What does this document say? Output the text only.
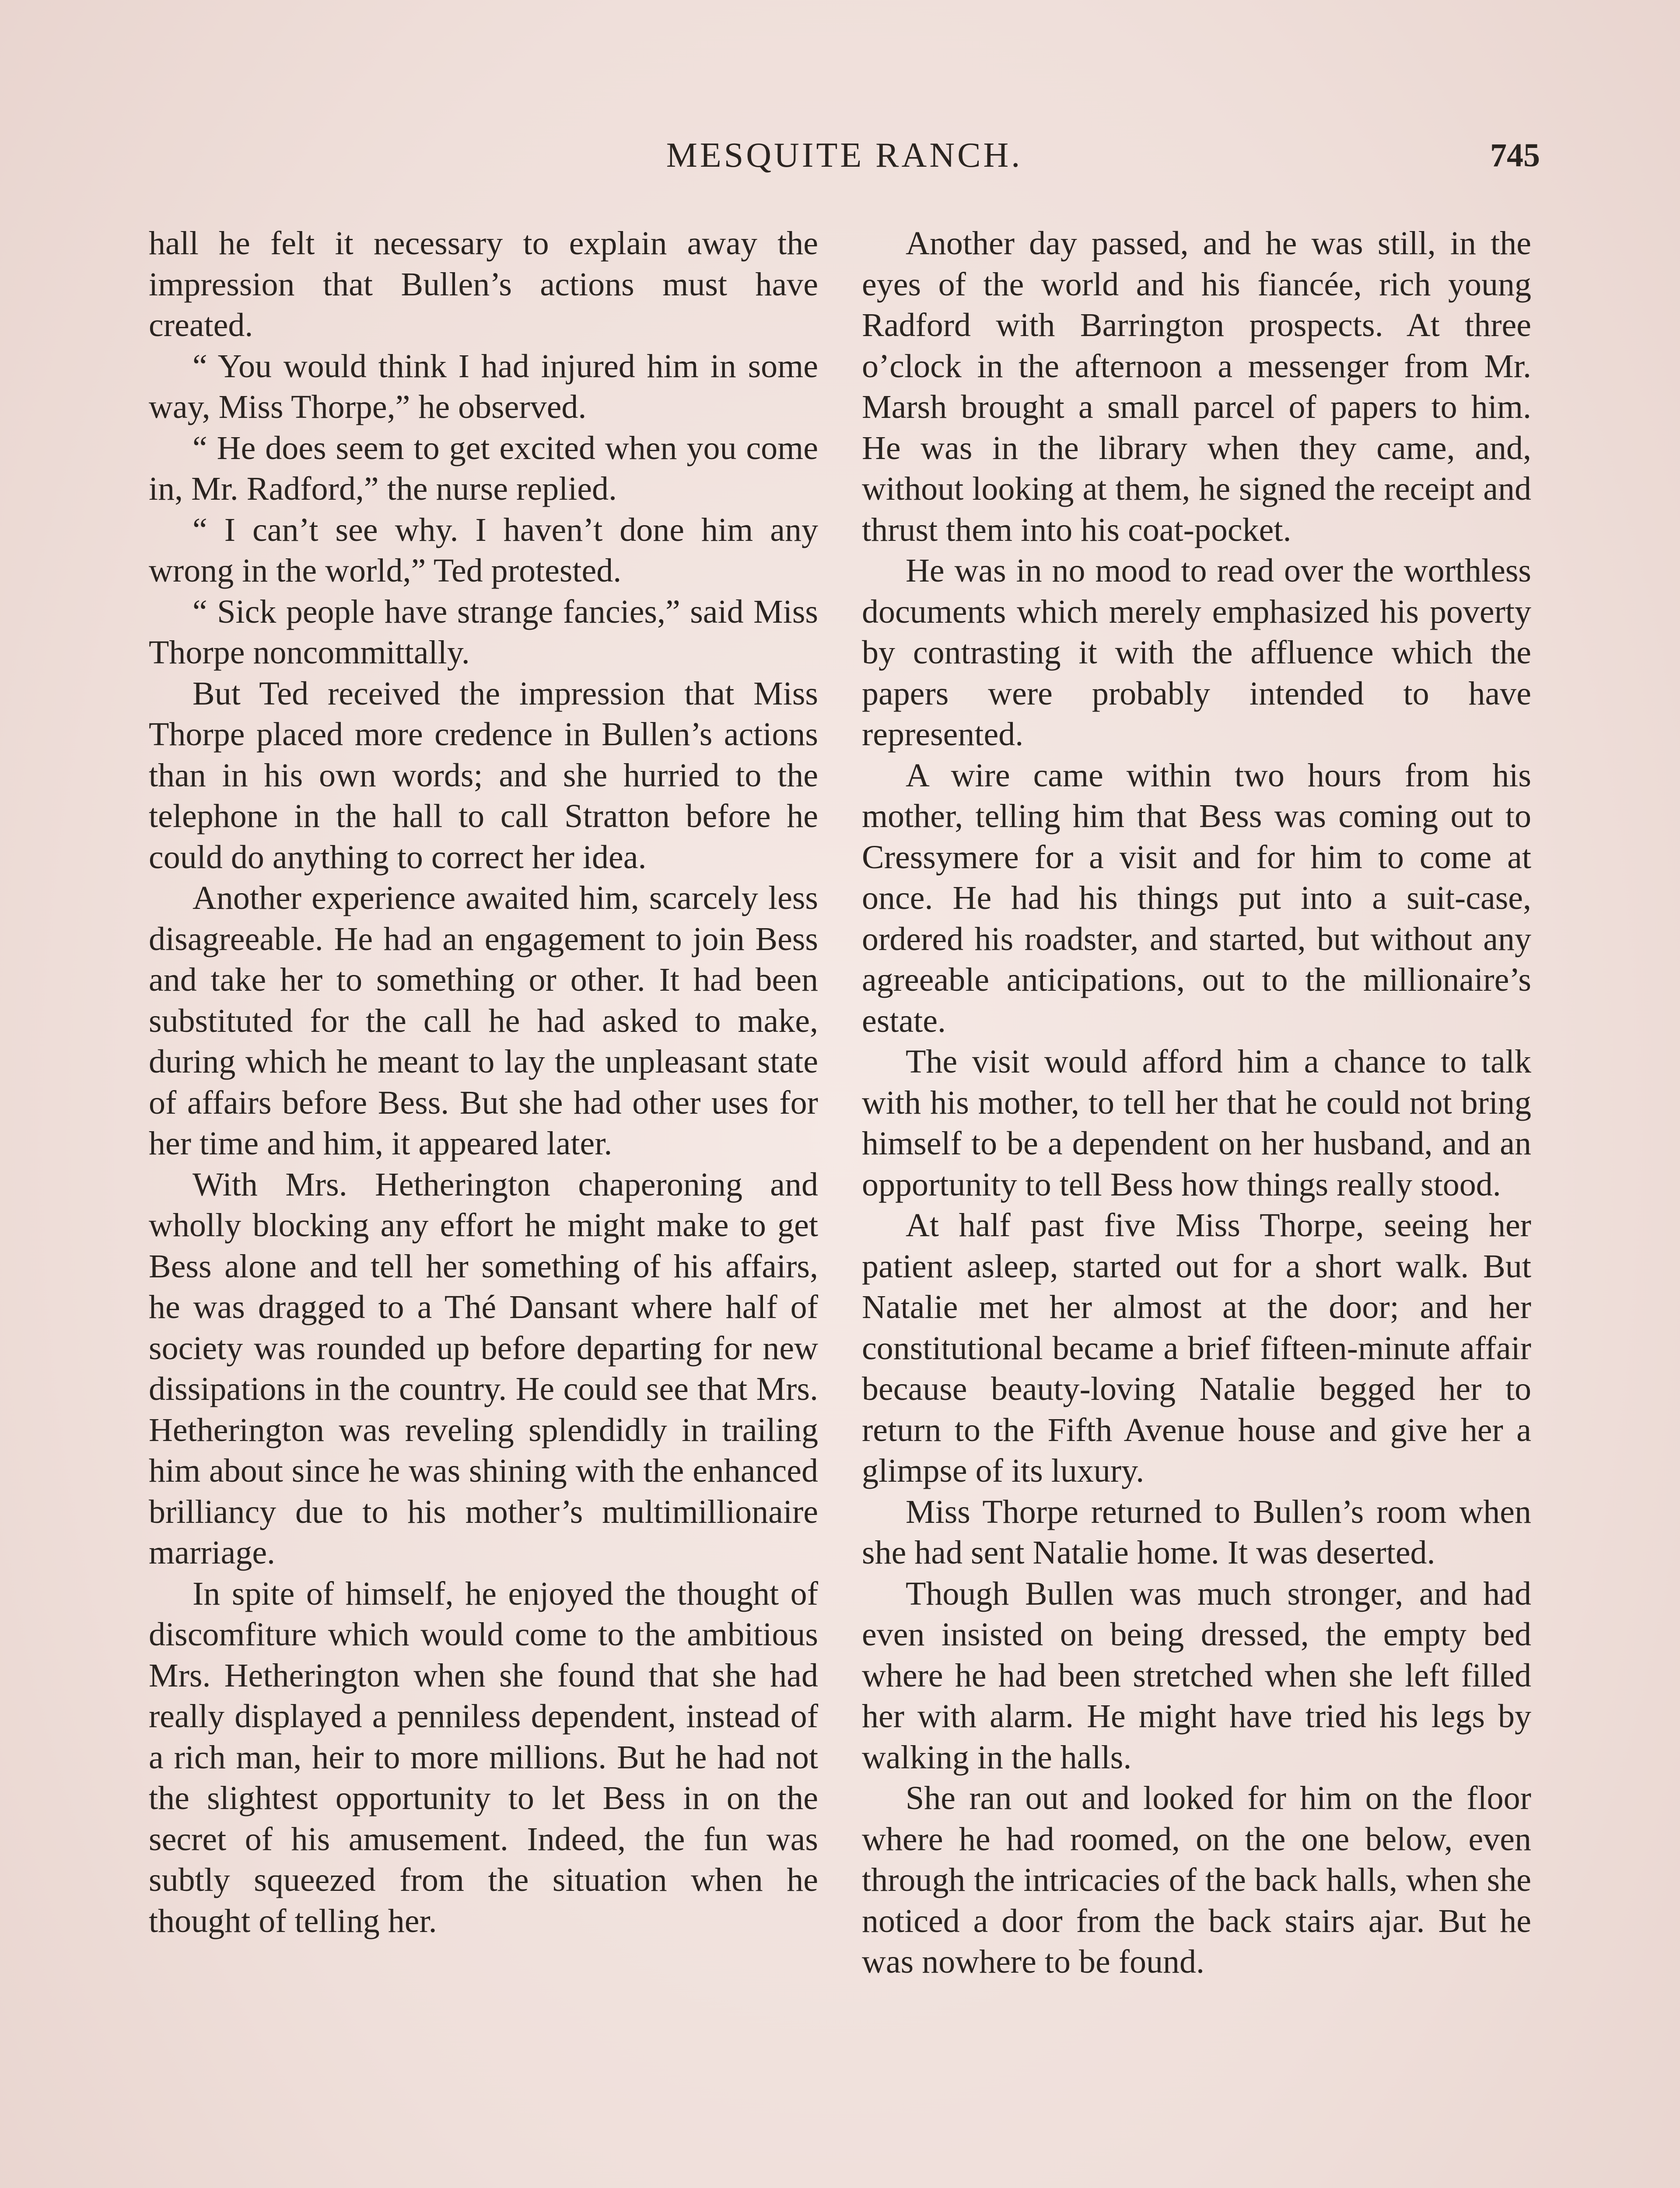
MESQUITE RANCH.	745

hall he felt it necessary to explain away the impression that Bullen’s actions must have created.

“ You would think I had injured him in some way, Miss Thorpe,” he observed.

“ He does seem to get excited when you come in, Mr. Radford,” the nurse replied.

“ I can’t see why. I haven’t done him any wrong in the world,” Ted protested.

“ Sick people have strange fancies,” said Miss Thorpe noncommittally.

But Ted received the impression that Miss Thorpe placed more credence in Bullen’s actions than in his own words; and she hurried to the telephone in the hall to call Stratton before he could do anything to correct her idea.

Another experience awaited him, scarcely less disagreeable. He had an engagement to join Bess and take her to something or other. It had been substituted for the call he had asked to make, during which he meant to lay the unpleasant state of affairs before Bess. But she had other uses for her time and him, it appeared later.

With Mrs. Hetherington chaperoning and wholly blocking any effort he might make to get Bess alone and tell her something of his affairs, he was dragged to a Thé Dansant where half of society was rounded up before departing for new dissipations in the country. He could see that Mrs. Hetherington was reveling splendidly in trailing him about since he was shining with the enhanced brilliancy due to his mother’s multimillionaire marriage.

In spite of himself, he enjoyed the thought of discomfiture which would come to the ambitious Mrs. Hetherington when she found that she had really displayed a penniless dependent, instead of a rich man, heir to more millions. But he had not the slightest opportunity to let Bess in on the secret of his amusement. Indeed, the fun was subtly squeezed from the situation when he thought of telling her.

Another day passed, and he was still, in the eyes of the world and his fiancée, rich young Radford with Barrington prospects. At three o’clock in the afternoon a messenger from Mr. Marsh brought a small parcel of papers to him. He was in the library when they came, and, without looking at them, he signed the receipt and thrust them into his coat-pocket.

He was in no mood to read over the worthless documents which merely emphasized his poverty by contrasting it with the affluence which the papers were probably intended to have represented.

A wire came within two hours from his mother, telling him that Bess was coming out to Cressymere for a visit and for him to come at once. He had his things put into a suit-case, ordered his roadster, and started, but without any agreeable anticipations, out to the millionaire’s estate.

The visit would afford him a chance to talk with his mother, to tell her that he could not bring himself to be a dependent on her husband, and an opportunity to tell Bess how things really stood.

At half past five Miss Thorpe, seeing her patient asleep, started out for a short walk. But Natalie met her almost at the door; and her constitutional became a brief fifteen-minute affair because beauty-loving Natalie begged her to return to the Fifth Avenue house and give her a glimpse of its luxury.

Miss Thorpe returned to Bullen’s room when she had sent Natalie home. It was deserted.

Though Bullen was much stronger, and had even insisted on being dressed, the empty bed where he had been stretched when she left filled her with alarm. He might have tried his legs by walking in the halls.

She ran out and looked for him on the floor where he had roomed, on the one below, even through the intricacies of the back halls, when she noticed a door from the back stairs ajar. But he was nowhere to be found.
